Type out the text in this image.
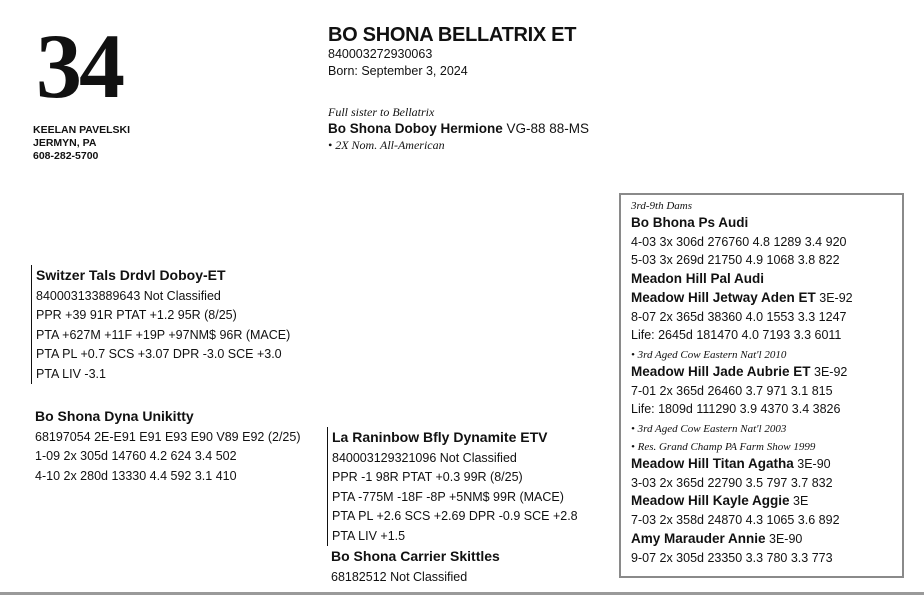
34
KEELAN PAVELSKI
JERMYN, PA
608-282-5700
BO SHONA BELLATRIX ET
840003272930063
Born: September 3, 2024
Full sister to Bellatrix
Bo Shona Doboy Hermione VG-88 88-MS
• 2X Nom. All-American
Switzer Tals Drdvl Doboy-ET
840003133889643 Not Classified
PPR +39 91R PTAT +1.2 95R (8/25)
PTA +627M +11F +19P +97NM$ 96R (MACE)
PTA PL +0.7 SCS +3.07 DPR -3.0 SCE +3.0
PTA LIV -3.1
Bo Shona Dyna Unikitty
68197054 2E-E91 E91 E93 E90 V89 E92 (2/25)
1-09 2x 305d 14760 4.2 624 3.4 502
4-10 2x 280d 13330 4.4 592 3.1 410
La Raninbow Bfly Dynamite ETV
840003129321096 Not Classified
PPR -1 98R PTAT +0.3 99R (8/25)
PTA -775M -18F -8P +5NM$ 99R (MACE)
PTA PL +2.6 SCS +2.69 DPR -0.9 SCE +2.8
PTA LIV +1.5
Bo Shona Carrier Skittles
68182512 Not Classified
3rd-9th Dams
Bo Bhona Ps Audi
4-03 3x 306d 276760 4.8 1289 3.4 920
5-03 3x 269d 21750 4.9 1068 3.8 822
Meadon Hill Pal Audi
Meadow Hill Jetway Aden ET 3E-92
8-07 2x 365d 38360 4.0 1553 3.3 1247
Life: 2645d 181470 4.0 7193 3.3 6011
• 3rd Aged Cow Eastern Nat'l 2010
Meadow Hill Jade Aubrie ET 3E-92
7-01 2x 365d 26460 3.7 971 3.1 815
Life: 1809d 111290 3.9 4370 3.4 3826
• 3rd Aged Cow Eastern Nat'l 2003
• Res. Grand Champ PA Farm Show 1999
Meadow Hill Titan Agatha 3E-90
3-03 2x 365d 22790 3.5 797 3.7 832
Meadow Hill Kayle Aggie 3E
7-03 2x 358d 24870 4.3 1065 3.6 892
Amy Marauder Annie 3E-90
9-07 2x 305d 23350 3.3 780 3.3 773
